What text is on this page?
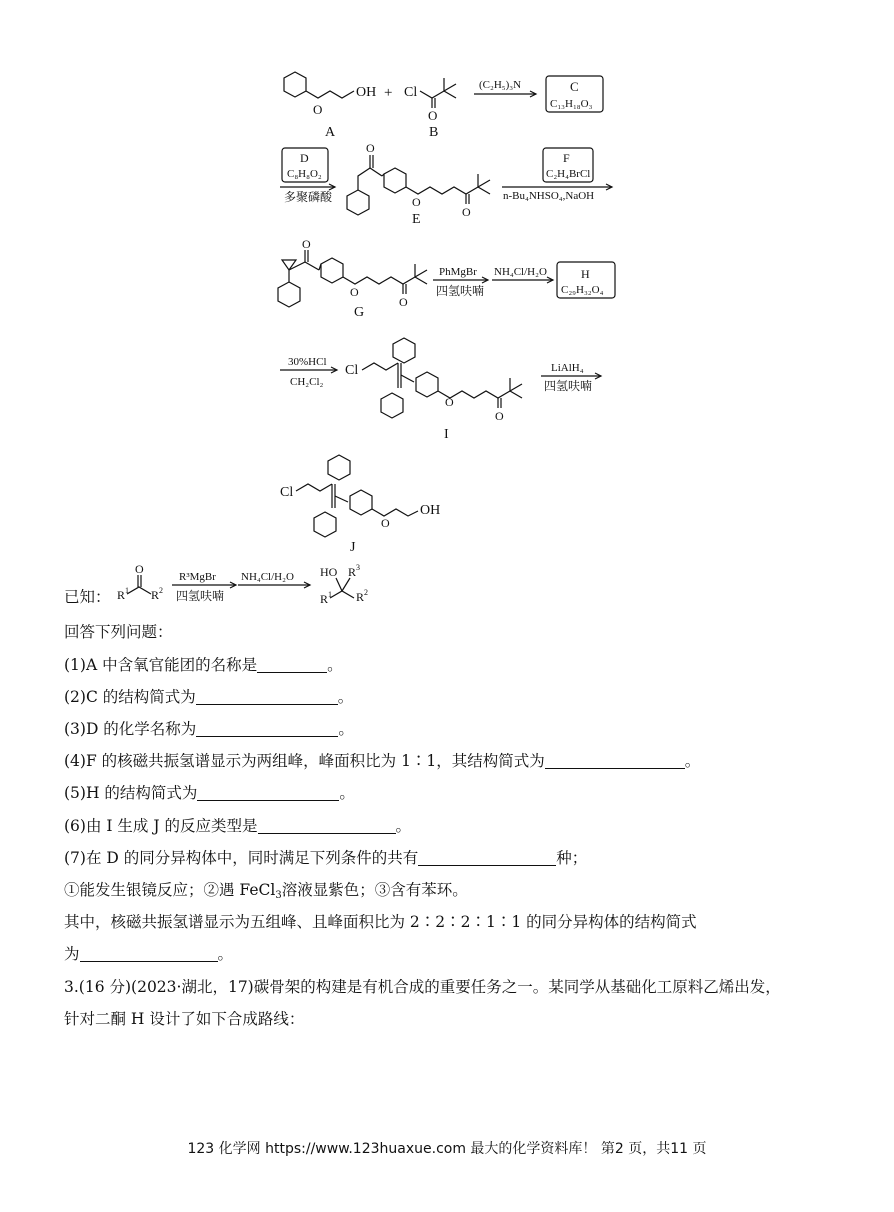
OH
O
A
+ Cl
O
B
(C₂H₅)₃N	C
C₁₃H₁₈O₃
D
C₈H₈O₂
多聚磷酸
O
O
O
E
F
C₂H₄BrCl
n-Bu₄NHSO₄,NaOH
O
O
O
G
PhMgBr
四氢呋喃
NH₄Cl/H₂O	H
C₂₉H₃₂O₄
30%HCl
CH₂Cl₂
Cl
O
O
I
LiAlH₄
四氢呋喃
Cl
OH
O
J
已知： R 1 R 2
O
R³MgBr
四氢呋喃
NH₄Cl/H₂O HO R 3
R 1 R 2
回答下列问题：
(1)A 中含氧官能团的名称是	。
(2)C 的结构简式为	。
(3)D 的化学名称为	。
(4)F 的核磁共振氢谱显示为两组峰，峰面积比为 1∶1，其结构简式为	。
(5)H 的结构简式为	。
(6)由 I 生成 J 的反应类型是	。
(7)在 D 的同分异构体中，同时满足下列条件的共有	种；
①能发生银镜反应；②遇 FeCl$_3$溶液显紫色；③含有苯环。
其中，核磁共振氢谱显示为五组峰、且峰面积比为 2∶2∶2∶1∶1 的同分异构体的结构简式
为	。
3.(16 分)(2023·湖北，17)碳骨架的构建是有机合成的重要任务之一。某同学从基础化工原料乙烯出发，
针对二酮 H 设计了如下合成路线：
123 化学网 https://www.123huaxue.com 最大的化学资料库！ 第2 页，共11 页
